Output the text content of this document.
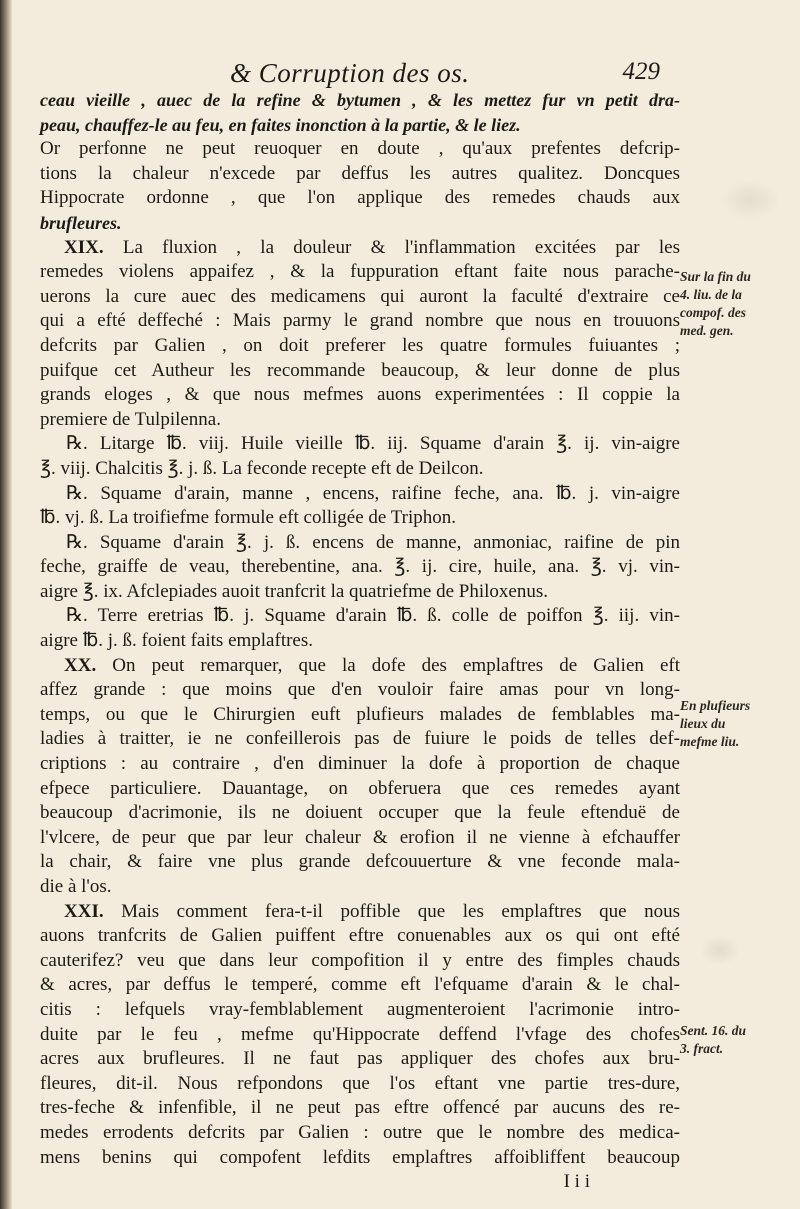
& Corruption des os.	429
ceau vieille , auec de la refine & bytumen , & les mettez fur vn petit dra-
peau, chauffez-le au feu, en faites inonction à la partie, & le liez.
Or perfonne ne peut reuoquer en doute , qu'aux prefentes defcrip-
tions la chaleur n'excede par deffus les autres qualitez. Doncques
Hippocrate ordonne , que l'on applique des remedes chauds aux
brufleures.
XIX. La fluxion , la douleur & l'inflammation excitées par les
remedes violens appaifez , & la fuppuration eftant faite nous parache-
uerons la cure auec des medicamens qui auront la faculté d'extraire ce
qui a efté deffeché : Mais parmy le grand nombre que nous en trouuons
defcrits par Galien , on doit preferer les quatre formules fuiuantes ;
puifque cet Autheur les recommande beaucoup, & leur donne de plus
grands eloges , & que nous mefmes auons experimentées : Il coppie la
premiere de Tulpilenna.
℞. Litarge ℔. viij. Huile vieille ℔. iij. Squame d'arain ℥. ij. vin-aigre
℥. viij. Chalcitis ℥. j. ß. La feconde recepte eft de Deilcon.
℞. Squame d'arain, manne , encens, raifine feche, ana. ℔. j. vin-aigre
℔. vj. ß. La troifiefme formule eft colligée de Triphon.
℞. Squame d'arain ℥. j. ß. encens de manne, anmoniac, raifine de pin
feche, graiffe de veau, therebentine, ana. ℥. ij. cire, huile, ana. ℥. vj. vin-
aigre ℥. ix. Afclepiades auoit tranfcrit la quatriefme de Philoxenus.
℞. Terre eretrias ℔. j. Squame d'arain ℔. ß. colle de poiffon ℥. iij. vin-
aigre ℔. j. ß. foient faits emplaftres.
XX. On peut remarquer, que la dofe des emplaftres de Galien eft
affez grande : que moins que d'en vouloir faire amas pour vn long-
temps, ou que le Chirurgien euft plufieurs malades de femblables ma-
ladies à traitter, ie ne confeillerois pas de fuiure le poids de telles def-
criptions : au contraire , d'en diminuer la dofe à proportion de chaque
efpece particuliere. Dauantage, on obferuera que ces remedes ayant
beaucoup d'acrimonie, ils ne doiuent occuper que la feule eftenduë de
l'vlcere, de peur que par leur chaleur & erofion il ne vienne à efchauffer
la chair, & faire vne plus grande defcouuerture & vne feconde mala-
die à l'os.
XXI. Mais comment fera-t-il poffible que les emplaftres que nous
auons tranfcrits de Galien puiffent eftre conuenables aux os qui ont efté
cauterifez? veu que dans leur compofition il y entre des fimples chauds
& acres, par deffus le temperé, comme eft l'efquame d'arain & le chal-
citis : lefquels vray-femblablement augmenteroient l'acrimonie intro-
duite par le feu , mefme qu'Hippocrate deffend l'vfage des chofes
acres aux brufleures. Il ne faut pas appliquer des chofes aux bru-
fleures, dit-il. Nous refpondons que l'os eftant vne partie tres-dure,
tres-feche & infenfible, il ne peut pas eftre offencé par aucuns des re-
medes errodents defcrits par Galien : outre que le nombre des medica-
mens benins qui compofent lefdits emplaftres affoibliffent beaucoup
I i i
Sur la fin du
4. liu. de la
compof. des
med. gen.
En plufieurs
lieux du
mefme liu.
Sent. 16. du
3. fract.
